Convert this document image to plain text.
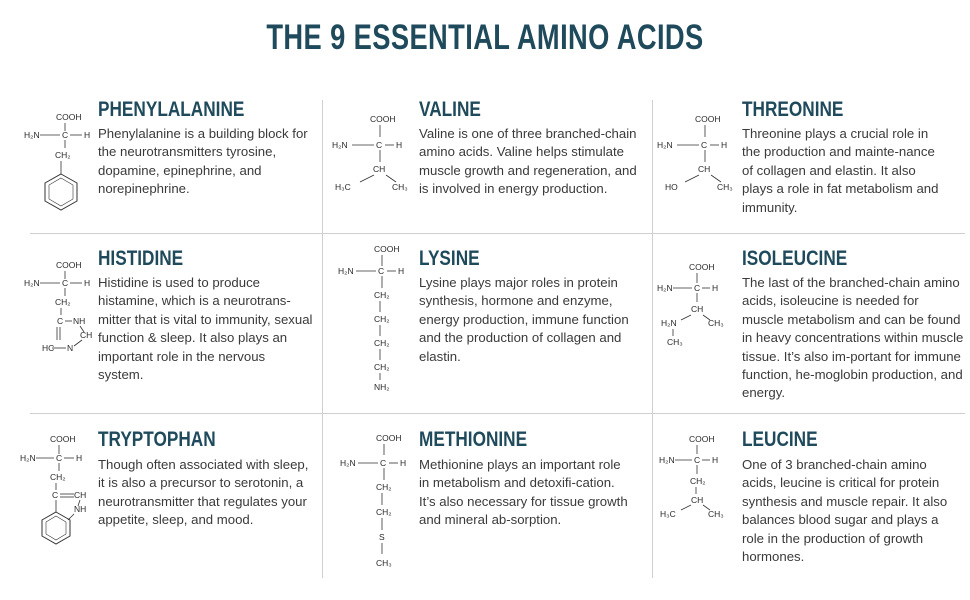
THE 9 ESSENTIAL AMINO ACIDS
COOH
H₂N	C H
CH₂
PHENYLALANINE
Phenylalanine is a building block for the neurotransmitters tyrosine, dopamine, epinephrine, and norepinephrine.
COOH
H₂N	C H
CH
H₃C	CH₃
VALINE
Valine is one of three branched-chain amino acids. Valine helps stimulate muscle growth and regeneration, and is involved in energy production.
COOH
H₂N	C H
CH
HO	CH₃
THREONINE
Threonine plays a crucial role in the production and mainte-nance of collagen and elastin. It also plays a role in fat metabolism and immunity.
COOH
H₂N	C H
CH₂
C NH
CH
N
HC
HISTIDINE
Histidine is used to produce histamine, which is a neurotrans-mitter that is vital to immunity, sexual function & sleep. It also plays an important role in the nervous system.
COOH
H₂N	C H
CH₂
CH₂
CH₂
CH₂
NH₂
LYSINE
Lysine plays major roles in protein synthesis, hormone and enzyme, energy production, immune function and the production of collagen and elastin.
COOH
H₂N	C H
CH
H₂N	CH₃
CH₃
ISOLEUCINE
The last of the branched-chain amino acids, isoleucine is needed for muscle metabolism and can be found in heavy concentrations within muscle tissue. It’s also im-portant for immune function, he-moglobin production, and energy.
COOH
H₂N C H
CH₂
C CH
NH
TRYPTOPHAN
Though often associated with sleep, it is also a precursor to serotonin, a neurotransmitter that regulates your appetite, sleep, and mood.
COOH
H₂N	C H
CH₂
CH₂
S
CH₃
METHIONINE
Methionine plays an important role in metabolism and detoxifi-cation. It’s also necessary for tissue growth and mineral ab-sorption.
COOH
H₂N C H
CH₂
CH
H₃C	CH₃
LEUCINE
One of 3 branched-chain amino acids, leucine is critical for protein synthesis and muscle repair. It also balances blood sugar and plays a role in the production of growth hormones.
